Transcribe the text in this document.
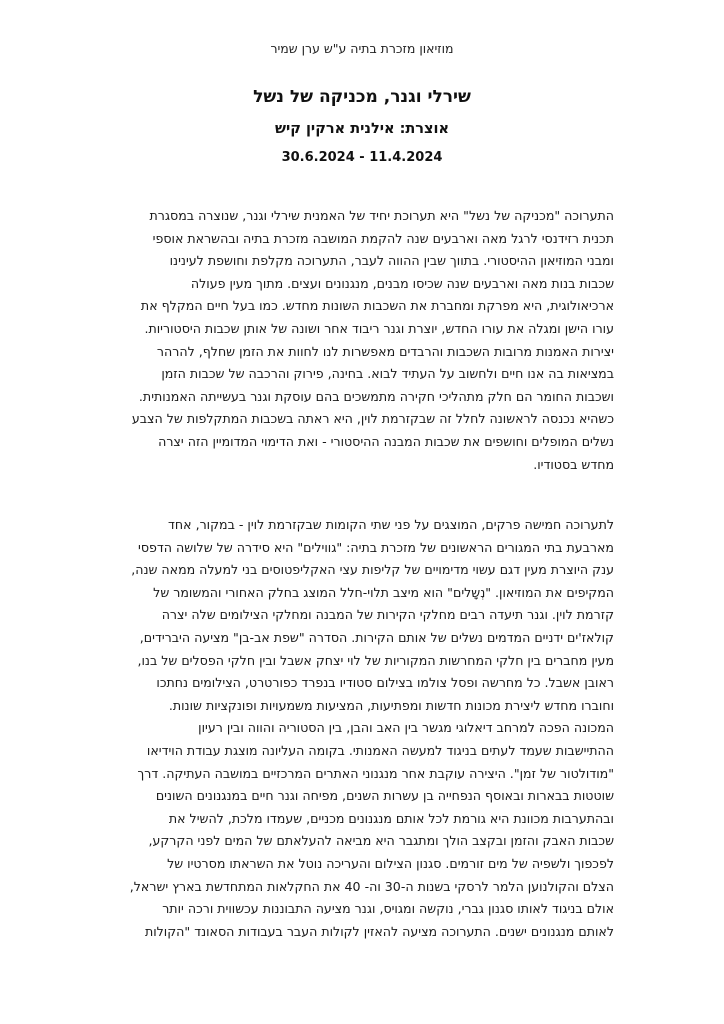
מוזיאון מזכרת בתיה ע"ש ערן שמיר
שירלי וגנר, מכניקה של נשל
אוצרת: אילנית ארקין קיש
30.6.2024 - 11.4.2024
התערוכה "מכניקה של נשל" היא תערוכת יחיד של האמנית שירלי וגנר, שנוצרה במסגרת
תכנית רזידנסי לרגל מאה וארבעים שנה להקמת המושבה מזכרת בתיה ובהשראת אוספי
ומבני המוזיאון ההיסטורי. בתווך שבין ההווה לעבר, התערוכה מקלפת וחושפת לעינינו
שכבות בנות מאה וארבעים שנה שכיסו מבנים, מנגנונים ועצים. מתוך מעין פעולה
ארכיאולוגית, היא מפרקת ומחברת את השכבות השונות מחדש. כמו בעל חיים המקלף את
עורו הישן ומגלה את עורו החדש, יוצרת וגנר ריבוד אחר ושונה של אותן שכבות היסטוריות.
יצירות האמנות מרובות השכבות והרבדים מאפשרות לנו לחוות את הזמן שחלף, להרהר
במציאות בה אנו חיים ולחשוב על העתיד לבוא. בחינה, פירוק והרכבה של שכבות הזמן
ושכבות החומר הם חלק מתהליכי חקירה מתמשכים בהם עוסקת וגנר בעשייתה האמנותית.
כשהיא נכנסה לראשונה לחלל זה שבקזרמת לוין, היא ראתה בשכבות המתקלפות של הצבע
נשלים המופלים וחושפים את שכבות המבנה ההיסטורי - ואת הדימוי המדומיין הזה יצרה
מחדש בסטודיו.
לתערוכה חמישה פרקים, המוצגים על פני שתי הקומות שבקזרמת לוין - במקור, אחד
מארבעת בתי המגורים הראשונים של מזכרת בתיה: "גווילים" היא סידרה של שלושה הדפסי
ענק היוצרת מעין דגם עשוי מדימויים של קליפות עצי האקליפטוסים בני למעלה ממאה שנה,
המקיפים את המוזיאון. "נְשָלים" הוא מיצב תלוי-חלל המוצג בחלק האחורי והמשומר של
קזרמת לוין. וגנר תיעדה רבים מחלקי הקירות של המבנה ומחלקי הצילומים שלה יצרה
קולאז'ים ידניים המדמים נשלים של אותם הקירות. הסדרה "שפת אב-בן" מציעה היברידים,
מעין מחברים בין חלקי המחרשות המקוריות של לוי יצחק אשבל ובין חלקי הפסלים של בנו,
ראובן אשבל. כל מחרשה ופסל צולמו בצילום סטודיו בנפרד כפורטרט, הצילומים נחתכו
וחוברו מחדש ליצירת מכונות חדשות ומפתיעות, המציעות משמעויות ופונקציות שונות.
המכונה הפכה למרחב דיאלוגי מגשר בין האב והבן, בין הסטוריה והווה ובין רעיון
ההתיישבות שעמד לעתים בניגוד למעשה האמנותי. בקומה העליונה מוצגת עבודת הוידיאו
"מודולטור של זמן". היצירה עוקבת אחר מנגנוני האתרים המרכזיים במושבה העתיקה. דרך
שוטטות בבארות ובאוסף הנפחייה בן עשרות השנים, מפיחה וגנר חיים במנגנונים השונים
ובהתערבות מכוונת היא גורמת לכל אותם מנגנונים מכניים, שעמדו מלכת, להשיל את
שכבות האבק והזמן ובקצב הולך ומתגבר היא מביאה להעלאתם של המים לפני הקרקע,
לפכפוך ולשפיה של מים זורמים. סגנון הצילום והעריכה נוטל את השראתו מסרטיו של
הצלם והקולנוען הלמר לרסקי בשנות ה-30 וה- 40 את החקלאות המתחדשת בארץ ישראל,
אולם בניגוד לאותו סגנון גברי, נוקשה ומגויס, וגנר מציעה התבוננות עכשווית ורכה יותר
לאותם מנגנונים ישנים. התערוכה מציעה להאזין לקולות העבר בעבודות הסאונד "הקולות
